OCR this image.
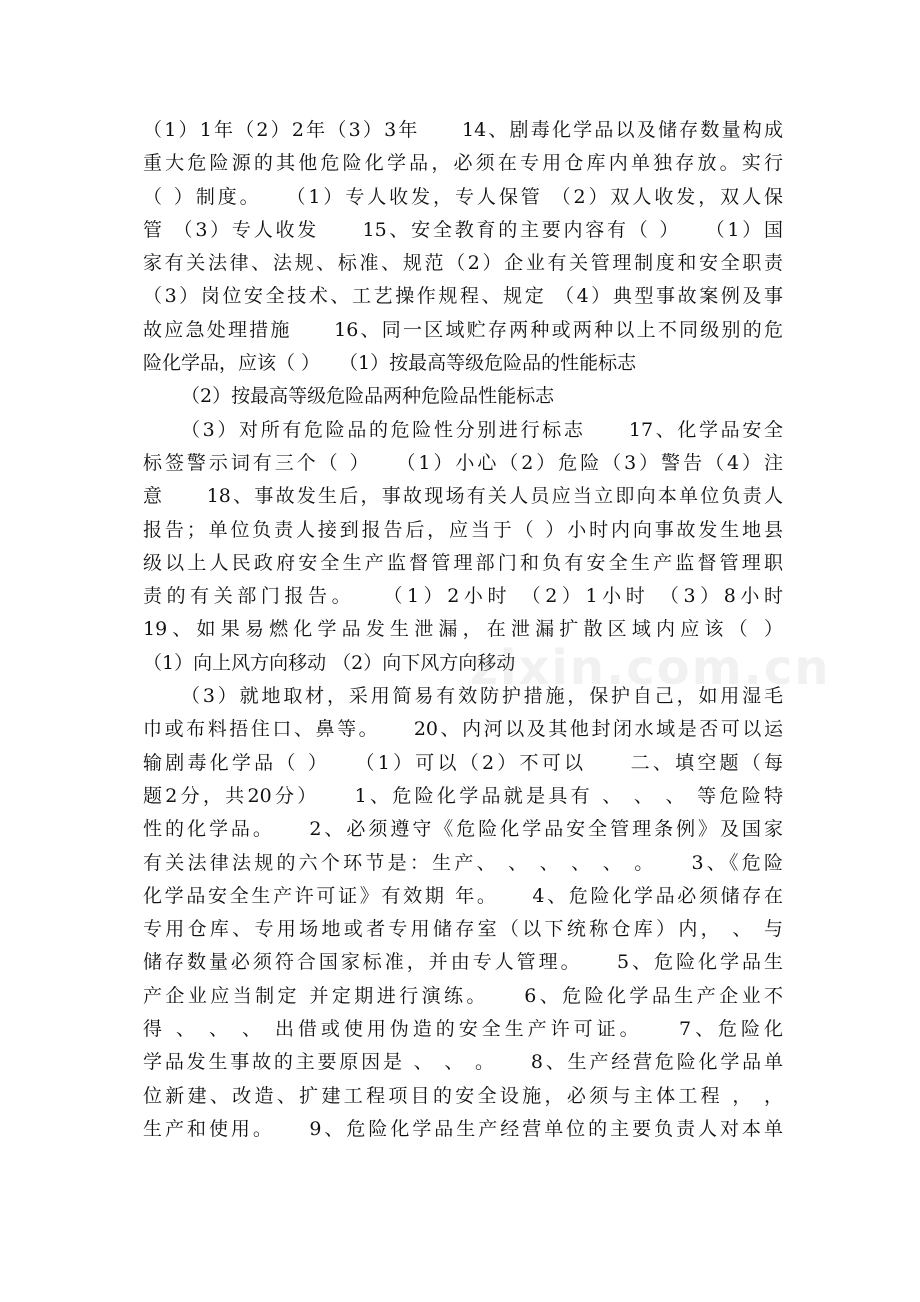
（1）1年（2）2年（3）3年　　14、剧毒化学品以及储存数量构成
重大危险源的其他危险化学品，必须在专用仓库内单独存放。实行
（ ）制度。　　（1）专人收发，专人保管 （2）双人收发，双人保
管 （3）专人收发　　15、安全教育的主要内容有（ ）　　（1）国
家有关法律、法规、标准、规范（2）企业有关管理制度和安全职责
（3）岗位安全技术、工艺操作规程、规定 （4）典型事故案例及事
故应急处理措施　　16、同一区域贮存两种或两种以上不同级别的危
险化学品，应该（ ）　　（1）按最高等级危险品的性能标志
（2）按最高等级危险品两种危险品性能标志
（3）对所有危险品的危险性分别进行标志　　17、化学品安全
标签警示词有三个（ ）　　（1）小心（2）危险（3）警告（4）注
意　　18、事故发生后，事故现场有关人员应当立即向本单位负责人
报告；单位负责人接到报告后，应当于（ ）小时内向事故发生地县
级以上人民政府安全生产监督管理部门和负有安全生产监督管理职
责的有关部门报告。　　（1）2小时 （2）1小时 （3）8小时
19、如果易燃化学品发生泄漏，在泄漏扩散区域内应该（ ）
（1）向上风方向移动 （2）向下风方向移动
（3）就地取材，采用简易有效防护措施，保护自己，如用湿毛
巾或布料捂住口、鼻等。　　20、内河以及其他封闭水域是否可以运
输剧毒化学品（ ）　　（1）可以（2）不可以　　二、填空题（每
题2分，共20分）　　1、危险化学品就是具有 、 、 、 等危险特
性的化学品。　　2、必须遵守《危险化学品安全管理条例》及国家
有关法律法规的六个环节是：生产、 、 、 、 、 。　　3、《危险
化学品安全生产许可证》有效期 年。　　4、危险化学品必须储存在
专用仓库、专用场地或者专用储存室（以下统称仓库）内， 、 与
储存数量必须符合国家标准，并由专人管理。　　5、危险化学品生
产企业应当制定 并定期进行演练。　　6、危险化学品生产企业不
得 、 、 、 出借或使用伪造的安全生产许可证。　　7、危险化
学品发生事故的主要原因是 、 、 。　　8、生产经营危险化学品单
位新建、改造、扩建工程项目的安全设施，必须与主体工程 ， ，
生产和使用。　　9、危险化学品生产经营单位的主要负责人对本单
zixin.com.cn
